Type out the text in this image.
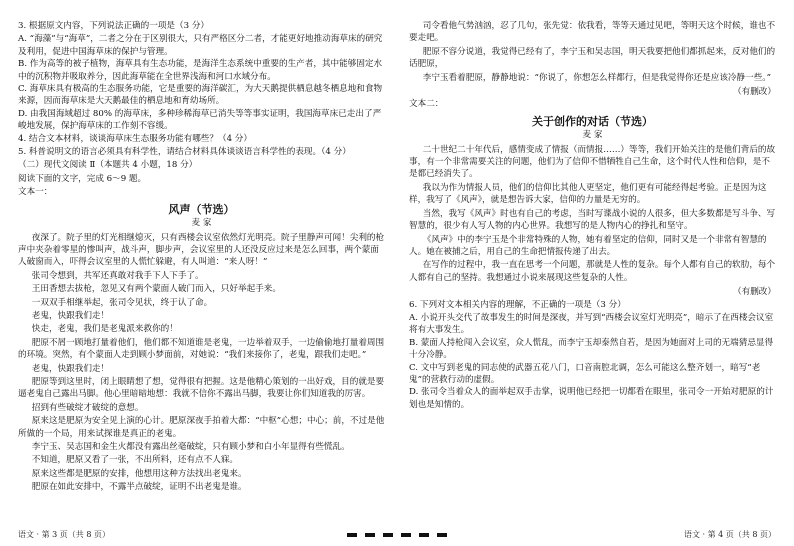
3. 根据原文内容，下列说法正确的一项是（3 分）
A. “海藻”与“海草”，二者之分在于区别很大，只有严格区分二者，才能更好地推动海草床的研究及利用，促进中国海草床的保护与管理。
B. 作为高等的被子植物，海草具有生态功能，是海洋生态系统中重要的生产者，其中能够固定水中的沉积物并吸取养分，因此海草能在全世界浅海和河口水域分布。
C. 海草床具有极高的生态服务功能，它是重要的海洋碳汇，为大天鹅提供栖息越冬栖息地和食物来源，因而海草床是大天鹅最佳的栖息地和育幼场所。
D. 由我国海域超过 80% 的海草床，多种珍稀海草已消失等等事实证明，我国海草床已走出了严峻地发展，保护海草床的工作刻不容缓。
4. 结合文本材料，谈谈海草床生态服务功能有哪些？（4 分）
5. 科普说明文的语言必须具有科学性，请结合材料具体谈谈语言科学性的表现。（4 分）
（二）现代文阅读 Ⅱ（本题共 4 小题，18 分）
阅读下面的文字，完成 6～9 题。
文本一：
风声（节选）
麦 家

夜深了。院子里的灯光相继熄灭，只有西楼会议室依然灯光明亮。院子里静声可闻！尖利的枪声中夹杂着零星的惨叫声，战斗声，脚步声，会议室里的人还没反应过来是怎么回事，两个蒙面人破窗而入，吓得会议室里的人慌忙躲避，有人叫道：“来人呀！”

张司令想到，共军还真敢对我手下人下手了。

王田香想去拔枪，忽见又有两个蒙面人破门而入，只好举起手来。

一双双手相继举起，张司令见状，终于认了命。

老鬼，快跟我们走！

快走，老鬼，我们是老鬼派来救你的！

肥原不屑一顾地打量着他们，他们都不知道谁是老鬼，一边举着双手，一边偷偷地打量着周围的环境。突然，有个蒙面人走到顾小梦面前，对她说：“我们来接你了，老鬼，跟我们走吧。”

老鬼，快跟我们走！

肥原等到这里时，闭上眼睛想了想，觉得很有把握。这是他精心策划的一出好戏，目的就是要逼老鬼自己露出马脚。他心里暗暗地想：我就不信你不露出马脚，我要让你们知道我的厉害。

招到有些破绽才破绽的意想。

原来这是肥原为安全见上演的心计。肥原深夜手拍着大都：“中枢”心想；中心；前，不过是他所做的一个局，用来试探谁是真正的老鬼。

李宁玉、吴志国和金生火都没有露出丝毫破绽，只有顾小梦和白小年显得有些慌乱。

不知道，肥原又看了一张，不出所料，还有点不人寐。

原来这些都是肥原的安排，他想用这种方法找出老鬼来。

肥原在如此安排中，不露半点破绽，证明不出老鬼是谁。

司令看他气势汹汹，忍了几句，张先觉：依我看，等等天通过见吧，等明天这个时候，谁也不要走吧。

肥原不容分说道，我觉得已经有了，李宁玉和吴志国，明天我要把他们都抓起来，反对他们的话肥原，

李宁玉看着肥原，静静地说：“你说了，你想怎么样都行，但是我觉得你还是应该冷静一些。”

（有删改）
文本二：
关于创作的对话（节选）
麦 家

二十世纪二十年代后，感情变成了情报（而情报……）等等，我们开始关注的是他们背后的故事，有一个非常需要关注的问题，他们为了信仰不惜牺牲自己生命，这个时代人性和信仰，是不是都已经消失了。

我以为作为情报人员，他们的信仰比其他人更坚定，他们更有可能经得起考验。正是因为这样，我写了《风声》，就是想告诉大家，信仰的力量是无穷的。

当然，我写《风声》时也有自己的考虑，当时写谍战小说的人很多，但大多数都是写斗争、写智慧的，很少有人写人物的内心世界。我想写的是人物内心的挣扎和坚守。

《风声》中的李宁玉是个非常特殊的人物，她有着坚定的信仰，同时又是一个非常有智慧的人。她在被捕之后，用自己的生命把情报传递了出去。

在写作的过程中，我一直在思考一个问题，那就是人性的复杂。每个人都有自己的软肋，每个人都有自己的坚持。我想通过小说来展现这些复杂的人性。

（有删改）
6. 下列对文本相关内容的理解，不正确的一项是（3 分）
A. 小说开头交代了故事发生的时间是深夜，并写到“西楼会议室灯光明亮”，暗示了在西楼会议室将有大事发生。
B. 蒙面人持枪闯入会议室，众人慌乱，而李宁玉却泰然自若，是因为她面对上司的无端猜忌显得十分冷静。
C. 文中写到老鬼的同志使的武器五花八门，口音南腔北调，怎么可能这么整齐划一，暗写“老鬼”的营救行动的虚假。
D. 张司令当着众人的面举起双手击掌，说明他已经把一切都看在眼里，张司令一开始对肥原的计划也是知情的。
语文 · 第 3 页（共 8 页）	语文 · 第 4 页（共 8 页）
